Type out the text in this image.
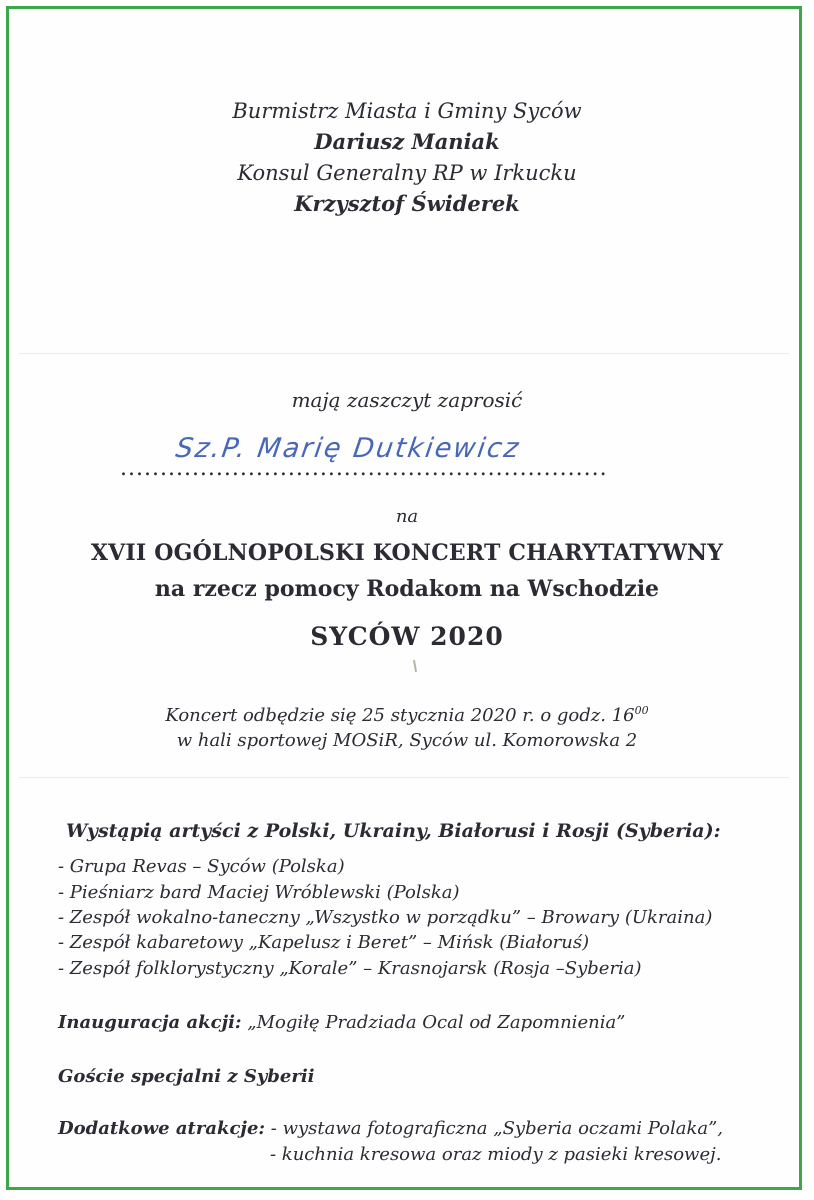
Burmistrz Miasta i Gminy Syców
Dariusz Maniak
Konsul Generalny RP w Irkucku
Krzysztof Świderek
mają zaszczyt zaprosić
Sz.P. Marię Dutkiewicz
.............................................................
na
XVII OGÓLNOPOLSKI KONCERT CHARYTATYWNY
na rzecz pomocy Rodakom na Wschodzie
SYCÓW 2020
Koncert odbędzie się 25 stycznia 2020 r. o godz. $16^{00}$
w hali sportowej MOSiR, Syców ul. Komorowska 2
Wystąpią artyści z Polski, Ukrainy, Białorusi i Rosji (Syberia):
- Grupa Revas – Syców (Polska)
- Pieśniarz bard Maciej Wróblewski (Polska)
- Zespół wokalno-taneczny „Wszystko w porządku” – Browary (Ukraina)
- Zespół kabaretowy „Kapelusz i Beret” – Mińsk (Białoruś)
- Zespół folklorystyczny „Korale” – Krasnojarsk (Rosja –Syberia)
Inauguracja akcji: „Mogiłę Pradziada Ocal od Zapomnienia”
Goście specjalni z Syberii
Dodatkowe atrakcje: - wystawa fotograficzna „Syberia oczami Polaka”,
- kuchnia kresowa oraz miody z pasieki kresowej.
